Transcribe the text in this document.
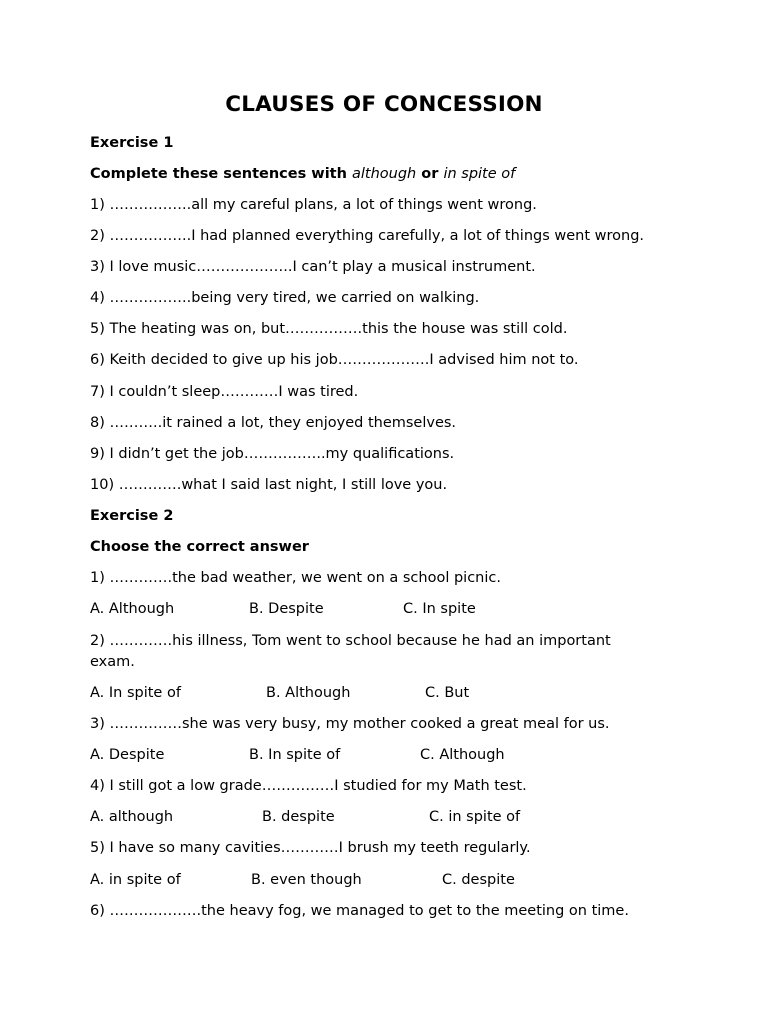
CLAUSES OF CONCESSION
Exercise 1
Complete these sentences with although or in spite of
1) ……………..all my careful plans, a lot of things went wrong.
2) ……………..I had planned everything carefully, a lot of things went wrong.
3) I love music………………..I can’t play a musical instrument.
4) ……………..being very tired, we carried on walking.
5) The heating was on, but…………….this the house was still cold.
6) Keith decided to give up his job……………….I advised him not to.
7) I couldn’t sleep…………I was tired.
8) ………..it rained a lot, they enjoyed themselves.
9) I didn’t get the job……………..my qualifications.
10) ………….what I said last night, I still love you.
Exercise 2
Choose the correct answer
1) ………….the bad weather, we went on a school picnic.
A. Although	B. Despite	C. In spite
2) ………….his illness, Tom went to school because he had an important exam.
A. In spite of	B. Although	C. But
3) ……………she was very busy, my mother cooked a great meal for us.
A. Despite	B. In spite of	C. Although
4) I still got a low grade……………I studied for my Math test.
A. although	B. despite	C. in spite of
5) I have so many cavities…………I brush my teeth regularly.
A. in spite of	B. even though	C. despite
6) ……………….the heavy fog, we managed to get to the meeting on time.
